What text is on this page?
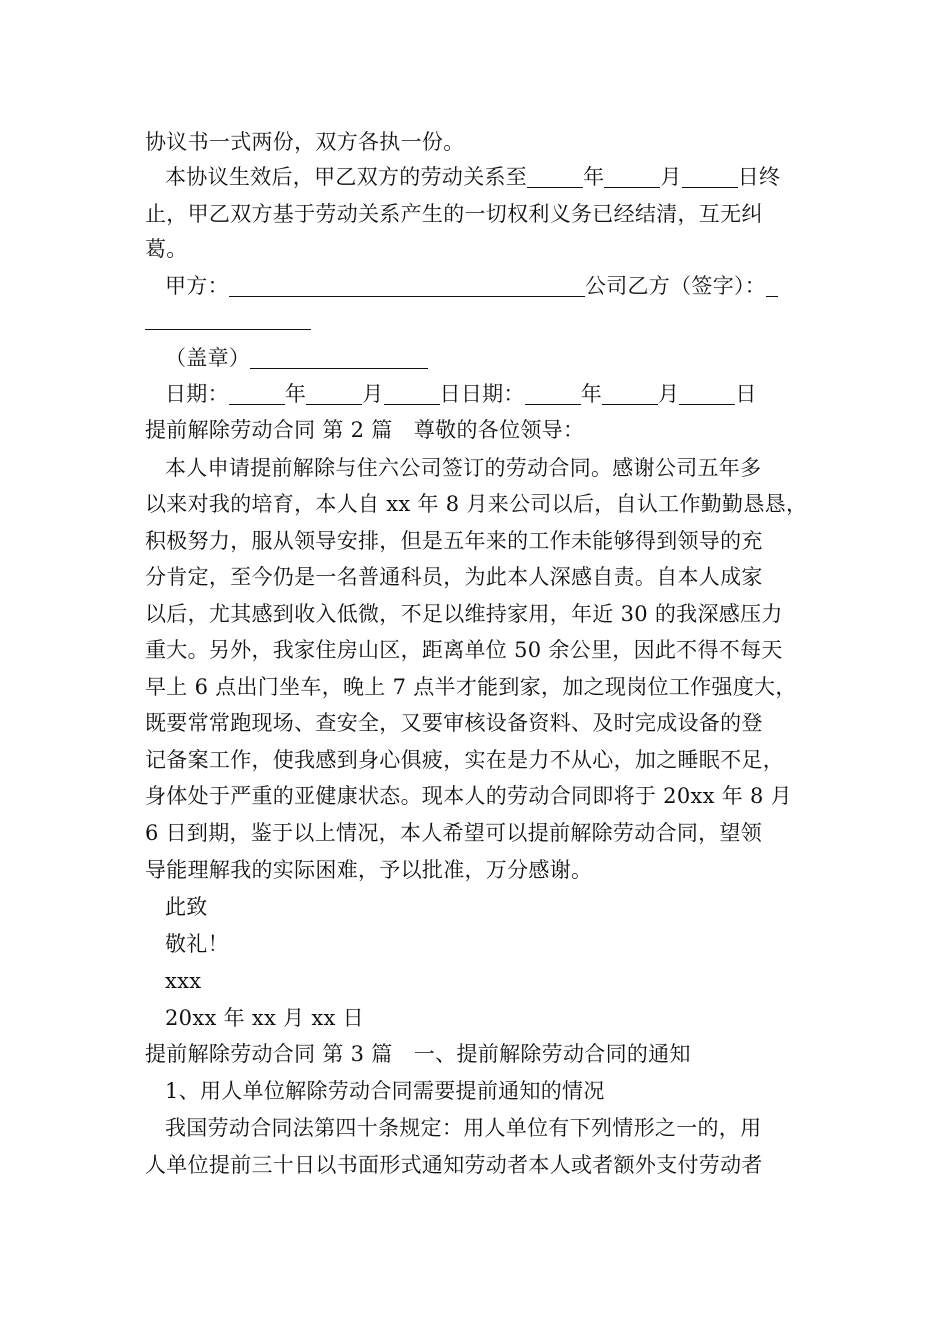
协议书一式两份，双方各执一份。
本协议生效后，甲乙双方的劳动关系至	年	月	日终
止，甲乙双方基于劳动关系产生的一切权利义务已经结清，互无纠
葛。
甲方：	公司乙方（签字）：
（盖章）
日期：	年	月	日日期：	年	月	日
提前解除劳动合同 第 2 篇　尊敬的各位领导：
本人申请提前解除与住六公司签订的劳动合同。感谢公司五年多
以来对我的培育，本人自 xx 年 8 月来公司以后，自认工作勤勤恳恳，
积极努力，服从领导安排，但是五年来的工作未能够得到领导的充
分肯定，至今仍是一名普通科员，为此本人深感自责。自本人成家
以后，尤其感到收入低微，不足以维持家用，年近 30 的我深感压力
重大。另外，我家住房山区，距离单位 50 余公里，因此不得不每天
早上 6 点出门坐车，晚上 7 点半才能到家，加之现岗位工作强度大，
既要常常跑现场、查安全，又要审核设备资料、及时完成设备的登
记备案工作，使我感到身心俱疲，实在是力不从心，加之睡眠不足，
身体处于严重的亚健康状态。现本人的劳动合同即将于 20xx 年 8 月
6 日到期，鉴于以上情况，本人希望可以提前解除劳动合同，望领
导能理解我的实际困难，予以批准，万分感谢。
此致
敬礼！
xxx
20xx 年 xx 月 xx 日
提前解除劳动合同 第 3 篇　一、提前解除劳动合同的通知
1、用人单位解除劳动合同需要提前通知的情况
我国劳动合同法第四十条规定：用人单位有下列情形之一的，用
人单位提前三十日以书面形式通知劳动者本人或者额外支付劳动者
